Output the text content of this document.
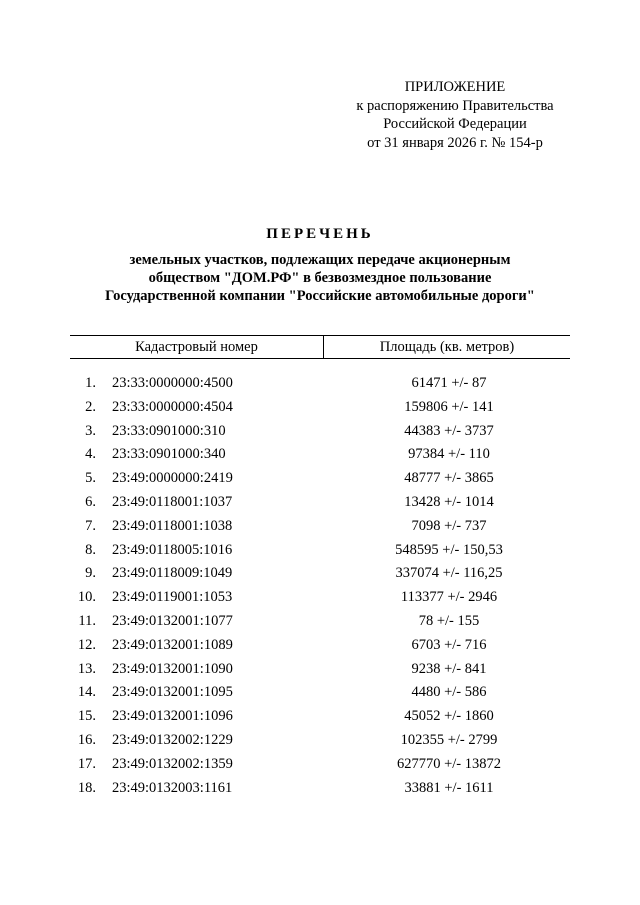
ПРИЛОЖЕНИЕ
к распоряжению Правительства
Российской Федерации
от 31 января 2026 г. № 154-р
ПЕРЕЧЕНЬ
земельных участков, подлежащих передаче акционерным
обществом "ДОМ.РФ" в безвозмездное пользование
Государственной компании "Российские автомобильные дороги"
Кадастровый номер	Площадь (кв. метров)
1. 23:33:0000000:4500	61471 +/- 87
2. 23:33:0000000:4504	159806 +/- 141
3. 23:33:0901000:310	44383 +/- 3737
4. 23:33:0901000:340	97384 +/- 110
5. 23:49:0000000:2419	48777 +/- 3865
6. 23:49:0118001:1037	13428 +/- 1014
7. 23:49:0118001:1038	7098 +/- 737
8. 23:49:0118005:1016	548595 +/- 150,53
9. 23:49:0118009:1049	337074 +/- 116,25
10. 23:49:0119001:1053	113377 +/- 2946
11. 23:49:0132001:1077	78 +/- 155
12. 23:49:0132001:1089	6703 +/- 716
13. 23:49:0132001:1090	9238 +/- 841
14. 23:49:0132001:1095	4480 +/- 586
15. 23:49:0132001:1096	45052 +/- 1860
16. 23:49:0132002:1229	102355 +/- 2799
17. 23:49:0132002:1359	627770 +/- 13872
18. 23:49:0132003:1161	33881 +/- 1611
